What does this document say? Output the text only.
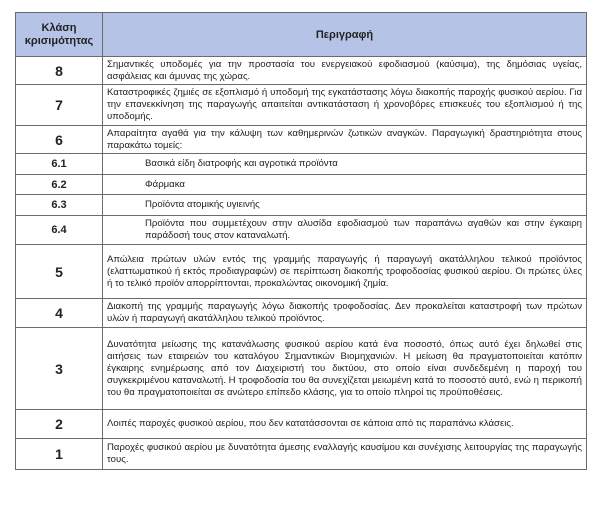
Κλάση κρισιμότητας	Περιγραφή
8	Σημαντικές υποδομές για την προστασία του ενεργειακού εφοδιασμού (καύσιμα), της δημόσιας υγείας, ασφάλειας και άμυνας της χώρας.
7	Καταστροφικές ζημιές σε εξοπλισμό ή υποδομή της εγκατάστασης λόγω διακοπής παροχής φυσικού αερίου. Για την επανεκκίνηση της παραγωγής απαιτείται αντικατάσταση ή χρονοβόρες επισκευές του εξοπλισμού ή της υποδομής.
6	Απαραίτητα αγαθά για την κάλυψη των καθημερινών ζωτικών αναγκών. Παραγωγική δραστηριότητα στους παρακάτω τομείς:
6.1	Βασικά είδη διατροφής και αγροτικά προϊόντα
6.2	Φάρμακα
6.3	Προϊόντα ατομικής υγιεινής
6.4	Προϊόντα που συμμετέχουν στην αλυσίδα εφοδιασμού των παραπάνω αγαθών και στην έγκαιρη παράδοσή τους στον καταναλωτή.
5	Απώλεια πρώτων υλών εντός της γραμμής παραγωγής ή παραγωγή ακατάλληλου τελικού προϊόντος (ελαττωματικού ή εκτός προδιαγραφών) σε περίπτωση διακοπής τροφοδοσίας φυσικού αερίου. Οι πρώτες ύλες ή το τελικό προϊόν απορρίπτονται, προκαλώντας οικονομική ζημία.
4	Διακοπή της γραμμής παραγωγής λόγω διακοπής τροφοδοσίας. Δεν προκαλείται καταστροφή των πρώτων υλών ή παραγωγή ακατάλληλου τελικού προϊόντος.
3	Δυνατότητα μείωσης της κατανάλωσης φυσικού αερίου κατά ένα ποσοστό, όπως αυτό έχει δηλωθεί στις αιτήσεις των εταιρειών του καταλόγου Σημαντικών Βιομηχανιών. Η μείωση θα πραγματοποιείται κατόπιν έγκαιρης ενημέρωσης από τον Διαχειριστή του δικτύου, στο οποίο είναι συνδεδεμένη η παροχή του συγκεκριμένου καταναλωτή. Η τροφοδοσία του θα συνεχίζεται μειωμένη κατά το ποσοστό αυτό, ενώ η περικοπή του θα πραγματοποιείται σε ανώτερο επίπεδο κλάσης, για το οποίο πληροί τις προϋποθέσεις.
2	Λοιπές παροχές φυσικού αερίου, που δεν κατατάσσονται σε κάποια από τις παραπάνω κλάσεις.
1	Παροχές φυσικού αερίου με δυνατότητα άμεσης εναλλαγής καυσίμου και συνέχισης λειτουργίας της παραγωγής τους.
